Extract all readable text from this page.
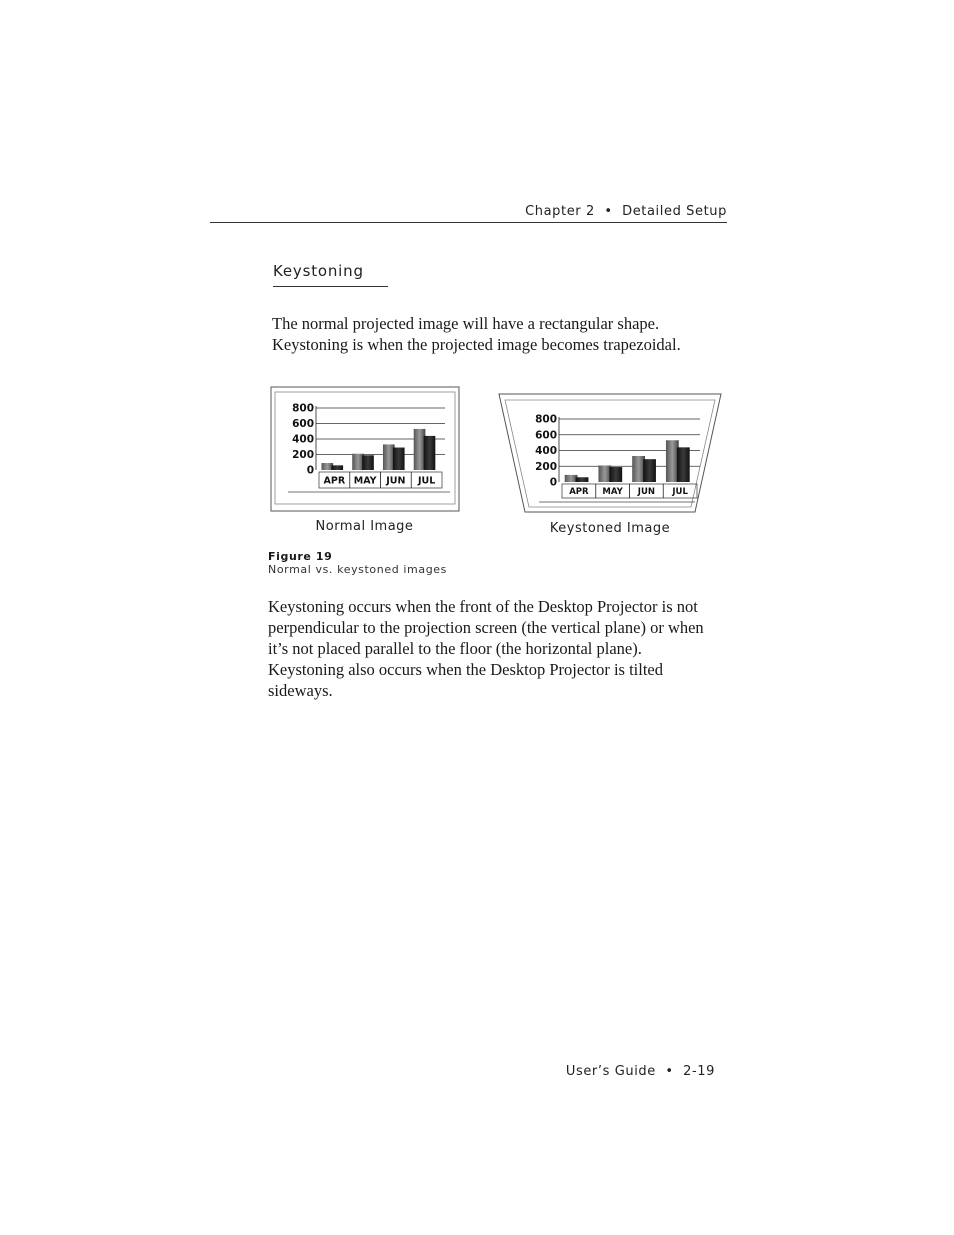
Chapter 2 • Detailed Setup
Keystoning
The normal projected image will have a rectangular shape.
Keystoning is when the projected image becomes trapezoidal.
0
200
400
600
800
APR MAY JUN JUL	0
200
400
600
800
APR MAY JUN JUL
Normal Image	Keystoned Image
Figure 19
Normal vs. keystoned images
Keystoning occurs when the front of the Desktop Projector is not
perpendicular to the projection screen (the vertical plane) or when
it’s not placed parallel to the floor (the horizontal plane).
Keystoning also occurs when the Desktop Projector is tilted
sideways.
User’s Guide • 2-19
